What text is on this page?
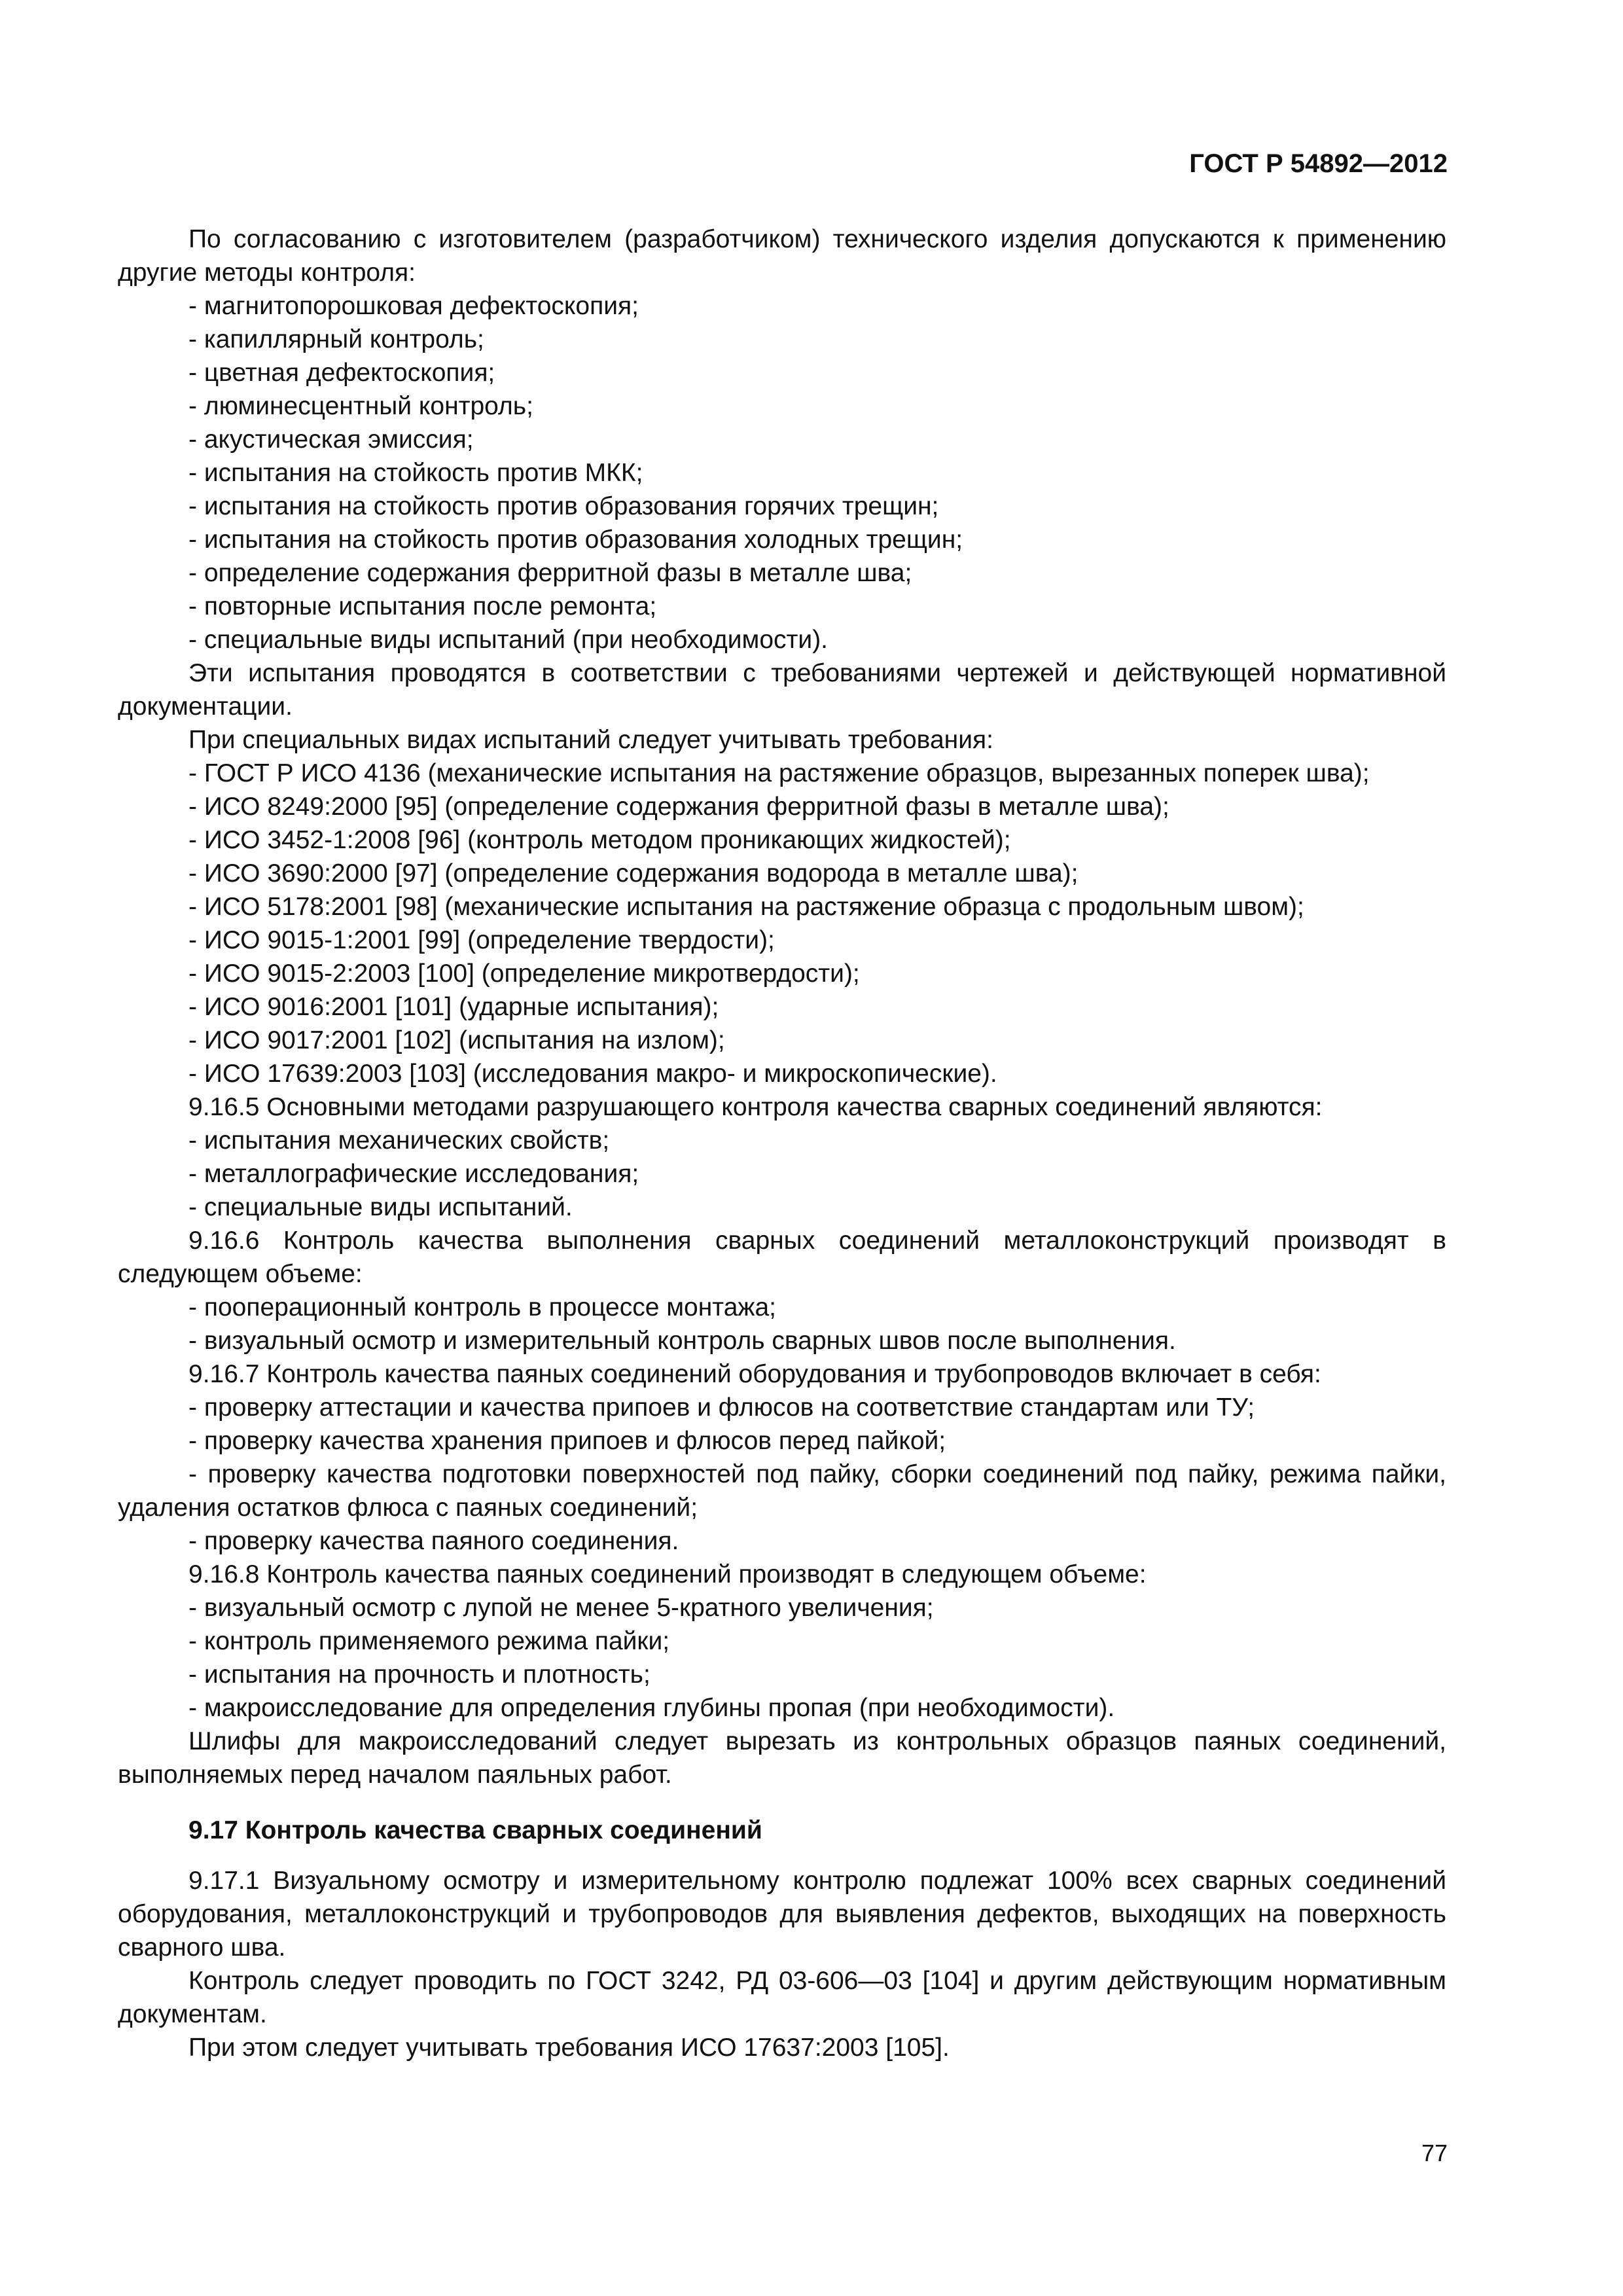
ГОСТ Р 54892—2012
По согласованию с изготовителем (разработчиком) технического изделия допускаются к применению другие методы контроля:
- магнитопорошковая дефектоскопия;
- капиллярный контроль;
- цветная дефектоскопия;
- люминесцентный контроль;
- акустическая эмиссия;
- испытания на стойкость против МКК;
- испытания на стойкость против образования горячих трещин;
- испытания на стойкость против образования холодных трещин;
- определение содержания ферритной фазы в металле шва;
- повторные испытания после ремонта;
- специальные виды испытаний (при необходимости).
Эти испытания проводятся в соответствии с требованиями чертежей и действующей нормативной документации.
При специальных видах испытаний следует учитывать требования:
- ГОСТ Р ИСО 4136 (механические испытания на растяжение образцов, вырезанных поперек шва);
- ИСО 8249:2000 [95] (определение содержания ферритной фазы в металле шва);
- ИСО 3452-1:2008 [96] (контроль методом проникающих жидкостей);
- ИСО 3690:2000 [97] (определение содержания водорода в металле шва);
- ИСО 5178:2001 [98] (механические испытания на растяжение образца с продольным швом);
- ИСО 9015-1:2001 [99] (определение твердости);
- ИСО 9015-2:2003 [100] (определение микротвердости);
- ИСО 9016:2001 [101] (ударные испытания);
- ИСО 9017:2001 [102] (испытания на излом);
- ИСО 17639:2003 [103] (исследования макро- и микроскопические).
9.16.5 Основными методами разрушающего контроля качества сварных соединений являются:
- испытания механических свойств;
- металлографические исследования;
- специальные виды испытаний.
9.16.6 Контроль качества выполнения сварных соединений металлоконструкций производят в следующем объеме:
- пооперационный контроль в процессе монтажа;
- визуальный осмотр и измерительный контроль сварных швов после выполнения.
9.16.7 Контроль качества паяных соединений оборудования и трубопроводов включает в себя:
- проверку аттестации и качества припоев и флюсов на соответствие стандартам или ТУ;
- проверку качества хранения припоев и флюсов перед пайкой;
- проверку качества подготовки поверхностей под пайку, сборки соединений под пайку, режима пайки, удаления остатков флюса с паяных соединений;
- проверку качества паяного соединения.
9.16.8 Контроль качества паяных соединений производят в следующем объеме:
- визуальный осмотр с лупой не менее 5-кратного увеличения;
- контроль применяемого режима пайки;
- испытания на прочность и плотность;
- макроисследование для определения глубины пропая (при необходимости).
Шлифы для макроисследований следует вырезать из контрольных образцов паяных соединений, выполняемых перед началом паяльных работ.
9.17 Контроль качества сварных соединений
9.17.1 Визуальному осмотру и измерительному контролю подлежат 100% всех сварных соединений оборудования, металлоконструкций и трубопроводов для выявления дефектов, выходящих на поверхность сварного шва.
Контроль следует проводить по ГОСТ 3242, РД 03-606—03 [104] и другим действующим нормативным документам.
При этом следует учитывать требования ИСО 17637:2003 [105].
77
